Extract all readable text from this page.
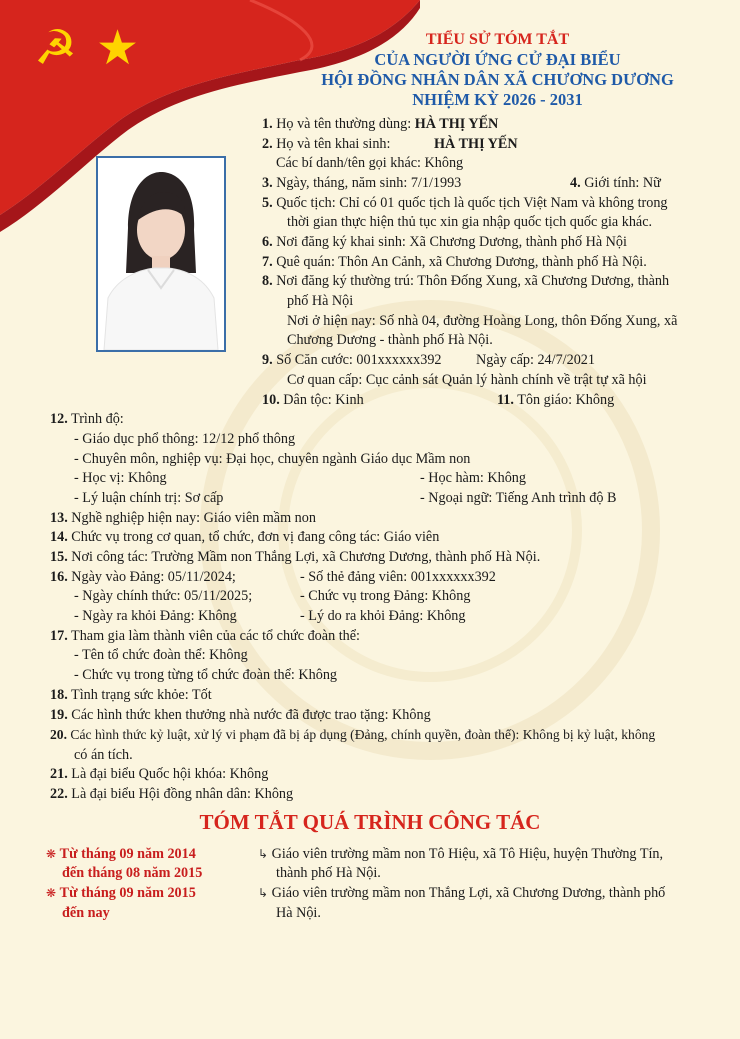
☭ ★	TIỂU SỬ TÓM TẮT
CỦA NGƯỜI ỨNG CỬ ĐẠI BIỂU
HỘI ĐỒNG NHÂN DÂN XÃ CHƯƠNG DƯƠNG
NHIỆM KỲ 2026 - 2031
1. Họ và tên thường dùng: HÀ THỊ YẾN
2. Họ và tên khai sinh:	HÀ THỊ YẾN
Các bí danh/tên gọi khác: Không
3. Ngày, tháng, năm sinh: 7/1/1993	4. Giới tính: Nữ
5. Quốc tịch: Chỉ có 01 quốc tịch là quốc tịch Việt Nam và không trong
thời gian thực hiện thủ tục xin gia nhập quốc tịch quốc gia khác.
6. Nơi đăng ký khai sinh: Xã Chương Dương, thành phố Hà Nội
7. Quê quán: Thôn An Cảnh, xã Chương Dương, thành phố Hà Nội.
8. Nơi đăng ký thường trú: Thôn Đống Xung, xã Chương Dương, thành
phố Hà Nội
Nơi ở hiện nay: Số nhà 04, đường Hoàng Long, thôn Đống Xung, xã
Chương Dương - thành phố Hà Nội.
9. Số Căn cước: 001xxxxxx392 Ngày cấp: 24/7/2021
Cơ quan cấp: Cục cảnh sát Quản lý hành chính về trật tự xã hội
10. Dân tộc: Kinh	11. Tôn giáo: Không
12. Trình độ:
- Giáo dục phổ thông: 12/12 phổ thông
- Chuyên môn, nghiệp vụ: Đại học, chuyên ngành Giáo dục Mầm non
- Học vị: Không	- Học hàm: Không
- Lý luận chính trị: Sơ cấp	- Ngoại ngữ: Tiếng Anh trình độ B
13. Nghề nghiệp hiện nay: Giáo viên mầm non
14. Chức vụ trong cơ quan, tổ chức, đơn vị đang công tác: Giáo viên
15. Nơi công tác: Trường Mầm non Thắng Lợi, xã Chương Dương, thành phố Hà Nội.
16. Ngày vào Đảng: 05/11/2024;	- Số thẻ đảng viên: 001xxxxxx392
- Ngày chính thức: 05/11/2025;	- Chức vụ trong Đảng: Không
- Ngày ra khỏi Đảng: Không	- Lý do ra khỏi Đảng: Không
17. Tham gia làm thành viên của các tổ chức đoàn thể:
- Tên tổ chức đoàn thể: Không
- Chức vụ trong từng tổ chức đoàn thể: Không
18. Tình trạng sức khỏe: Tốt
19. Các hình thức khen thưởng nhà nước đã được trao tặng: Không
20. Các hình thức kỷ luật, xử lý vi phạm đã bị áp dụng (Đảng, chính quyền, đoàn thể): Không bị kỷ luật, không
có án tích.
21. Là đại biểu Quốc hội khóa: Không
22. Là đại biểu Hội đồng nhân dân: Không
TÓM TẮT QUÁ TRÌNH CÔNG TÁC
❋ Từ tháng 09 năm 2014
đến tháng 08 năm 2015
↳ Giáo viên trường mầm non Tô Hiệu, xã Tô Hiệu, huyện Thường Tín,
thành phố Hà Nội.
❋ Từ tháng 09 năm 2015
đến nay
↳ Giáo viên trường mầm non Thắng Lợi, xã Chương Dương, thành phố
Hà Nội.
